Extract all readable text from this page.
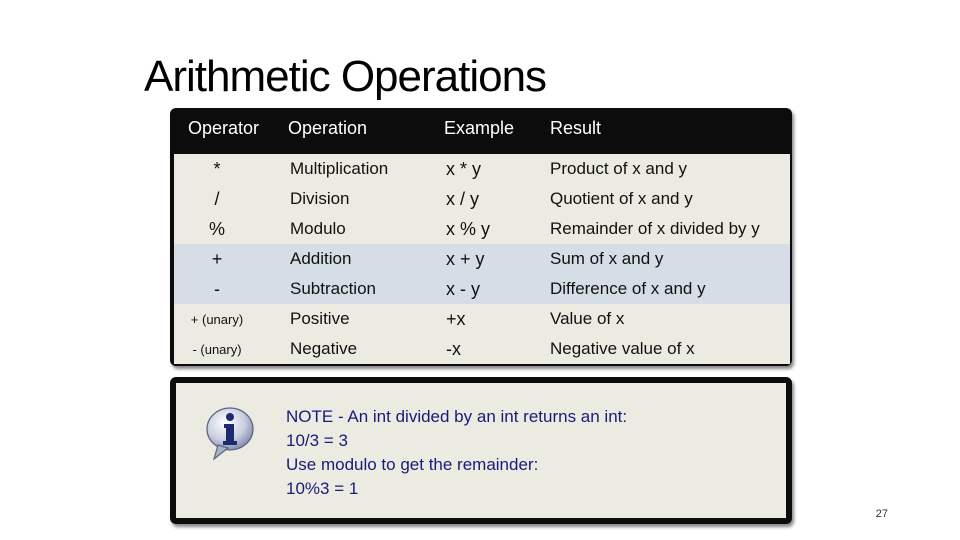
Arithmetic Operations
Operator Operation	Example Result
*	Multiplication	x * y	Product of x and y
/	Division	x / y	Quotient of x and y
%	Modulo	x % y	Remainder of x divided by y
+	Addition	x + y	Sum of x and y
-	Subtraction	x - y	Difference of x and y
+ (unary)	Positive	+x	Value of x
- (unary)	Negative	-x	Negative value of x
NOTE - An int divided by an int returns an int:
10/3 = 3
Use modulo to get the remainder:
10%3 = 1
27
